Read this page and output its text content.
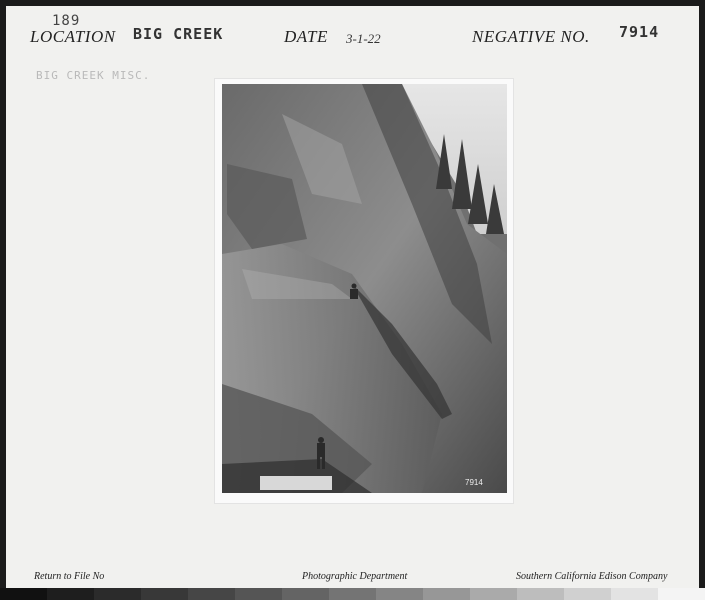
189
LOCATION BIG CREEK	DATE 3-1-22	NEGATIVE NO. 7914
BIG CREEK MISC.
Return to File No	Photographic Department	Southern California Edison Company
7914
